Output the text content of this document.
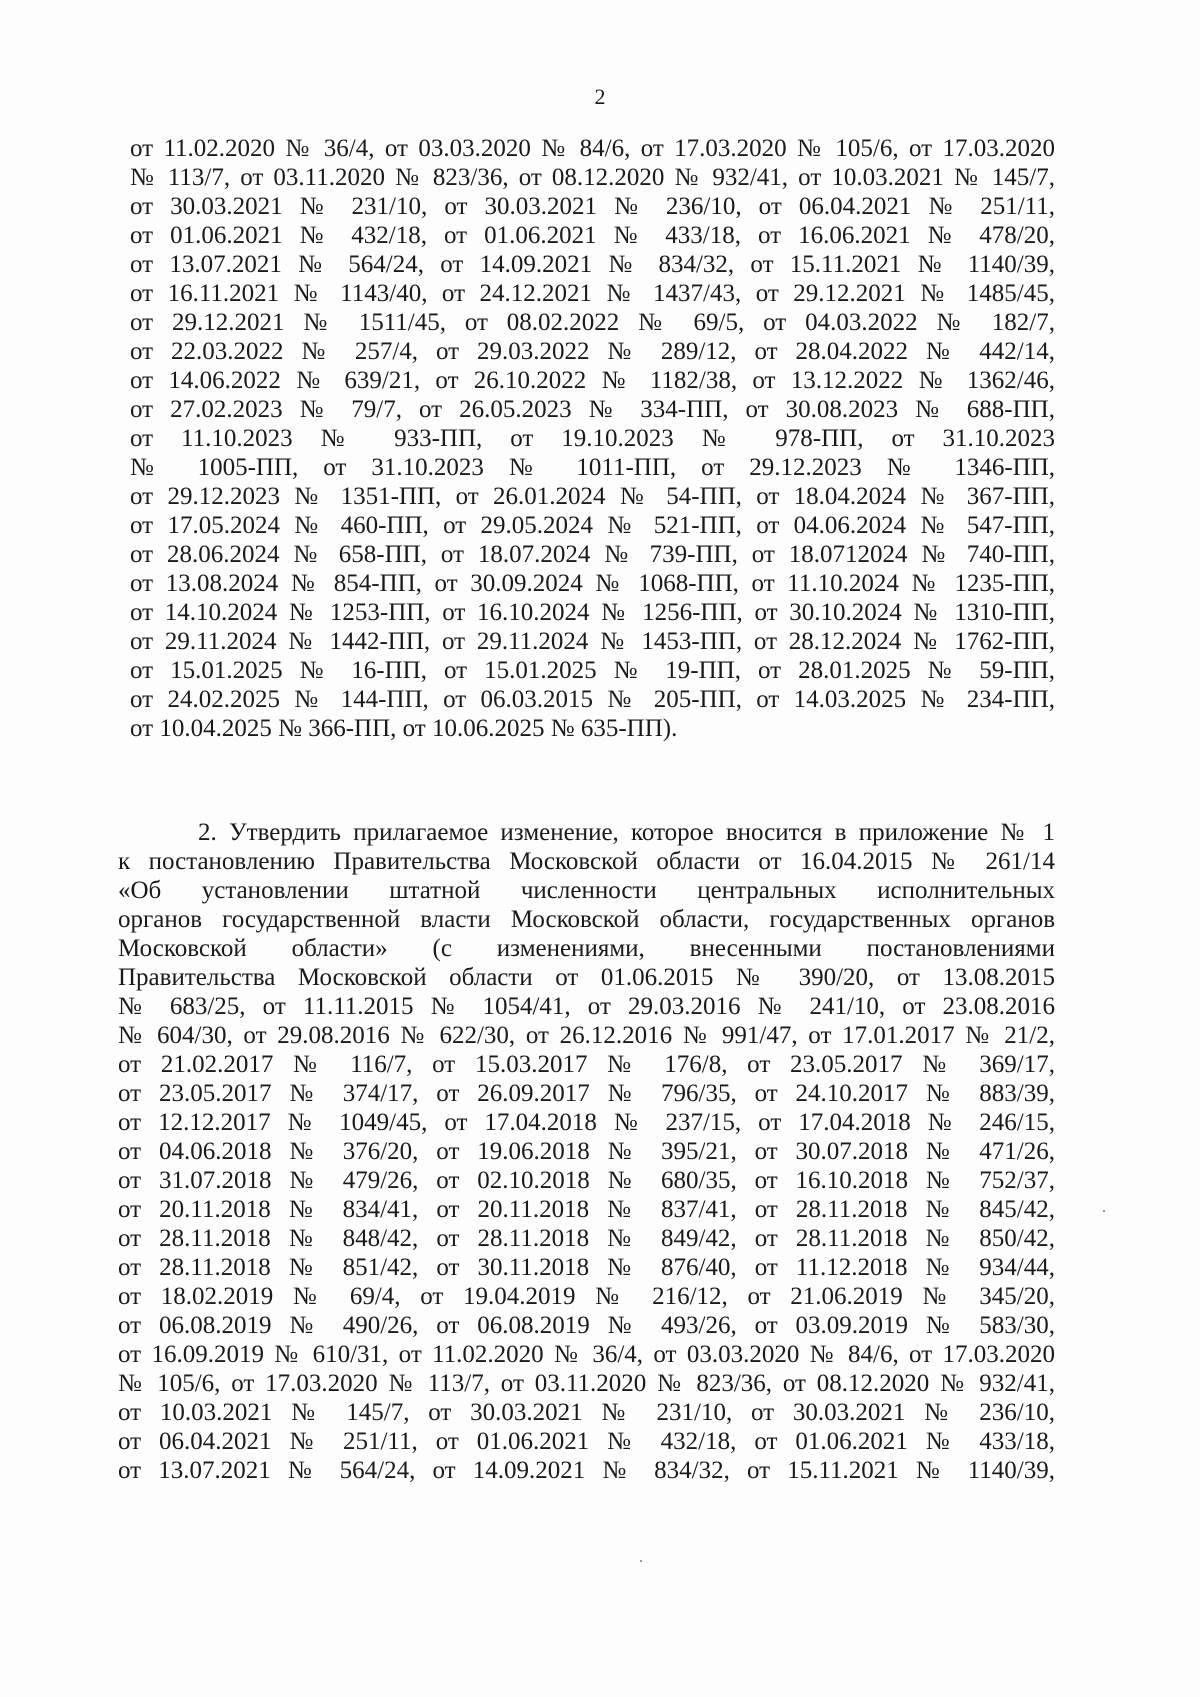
2
от 11.02.2020 № 36/4, от 03.03.2020 № 84/6, от 17.03.2020 № 105/6, от 17.03.2020
№ 113/7, от 03.11.2020 № 823/36, от 08.12.2020 № 932/41, от 10.03.2021 № 145/7,
от 30.03.2021 № 231/10, от 30.03.2021 № 236/10, от 06.04.2021 № 251/11,
от 01.06.2021 № 432/18, от 01.06.2021 № 433/18, от 16.06.2021 № 478/20,
от 13.07.2021 № 564/24, от 14.09.2021 № 834/32, от 15.11.2021 № 1140/39,
от 16.11.2021 № 1143/40, от 24.12.2021 № 1437/43, от 29.12.2021 № 1485/45,
от 29.12.2021 № 1511/45, от 08.02.2022 № 69/5, от 04.03.2022 № 182/7,
от 22.03.2022 № 257/4, от 29.03.2022 № 289/12, от 28.04.2022 № 442/14,
от 14.06.2022 № 639/21, от 26.10.2022 № 1182/38, от 13.12.2022 № 1362/46,
от 27.02.2023 № 79/7, от 26.05.2023 № 334-ПП, от 30.08.2023 № 688-ПП,
от 11.10.2023 № 933-ПП, от 19.10.2023 № 978-ПП, от 31.10.2023
№ 1005-ПП, от 31.10.2023 № 1011-ПП, от 29.12.2023 № 1346-ПП,
от 29.12.2023 № 1351-ПП, от 26.01.2024 № 54-ПП, от 18.04.2024 № 367-ПП,
от 17.05.2024 № 460-ПП, от 29.05.2024 № 521-ПП, от 04.06.2024 № 547-ПП,
от 28.06.2024 № 658-ПП, от 18.07.2024 № 739-ПП, от 18.0712024 № 740-ПП,
от 13.08.2024 № 854-ПП, от 30.09.2024 № 1068-ПП, от 11.10.2024 № 1235-ПП,
от 14.10.2024 № 1253-ПП, от 16.10.2024 № 1256-ПП, от 30.10.2024 № 1310-ПП,
от 29.11.2024 № 1442-ПП, от 29.11.2024 № 1453-ПП, от 28.12.2024 № 1762-ПП,
от 15.01.2025 № 16-ПП, от 15.01.2025 № 19-ПП, от 28.01.2025 № 59-ПП,
от 24.02.2025 № 144-ПП, от 06.03.2015 № 205-ПП, от 14.03.2025 № 234-ПП,
от 10.04.2025 № 366-ПП, от 10.06.2025 № 635-ПП).
2. Утвердить прилагаемое изменение, которое вносится в приложение № 1
к постановлению Правительства Московской области от 16.04.2015 № 261/14
«Об установлении штатной численности центральных исполнительных
органов государственной власти Московской области, государственных органов
Московской области» (с изменениями, внесенными постановлениями
Правительства Московской области от 01.06.2015 № 390/20, от 13.08.2015
№ 683/25, от 11.11.2015 № 1054/41, от 29.03.2016 № 241/10, от 23.08.2016
№ 604/30, от 29.08.2016 № 622/30, от 26.12.2016 № 991/47, от 17.01.2017 № 21/2,
от 21.02.2017 № 116/7, от 15.03.2017 № 176/8, от 23.05.2017 № 369/17,
от 23.05.2017 № 374/17, от 26.09.2017 № 796/35, от 24.10.2017 № 883/39,
от 12.12.2017 № 1049/45, от 17.04.2018 № 237/15, от 17.04.2018 № 246/15,
от 04.06.2018 № 376/20, от 19.06.2018 № 395/21, от 30.07.2018 № 471/26,
от 31.07.2018 № 479/26, от 02.10.2018 № 680/35, от 16.10.2018 № 752/37,
от 20.11.2018 № 834/41, от 20.11.2018 № 837/41, от 28.11.2018 № 845/42,
от 28.11.2018 № 848/42, от 28.11.2018 № 849/42, от 28.11.2018 № 850/42,
от 28.11.2018 № 851/42, от 30.11.2018 № 876/40, от 11.12.2018 № 934/44,
от 18.02.2019 № 69/4, от 19.04.2019 № 216/12, от 21.06.2019 № 345/20,
от 06.08.2019 № 490/26, от 06.08.2019 № 493/26, от 03.09.2019 № 583/30,
от 16.09.2019 № 610/31, от 11.02.2020 № 36/4, от 03.03.2020 № 84/6, от 17.03.2020
№ 105/6, от 17.03.2020 № 113/7, от 03.11.2020 № 823/36, от 08.12.2020 № 932/41,
от 10.03.2021 № 145/7, от 30.03.2021 № 231/10, от 30.03.2021 № 236/10,
от 06.04.2021 № 251/11, от 01.06.2021 № 432/18, от 01.06.2021 № 433/18,
от 13.07.2021 № 564/24, от 14.09.2021 № 834/32, от 15.11.2021 № 1140/39,
